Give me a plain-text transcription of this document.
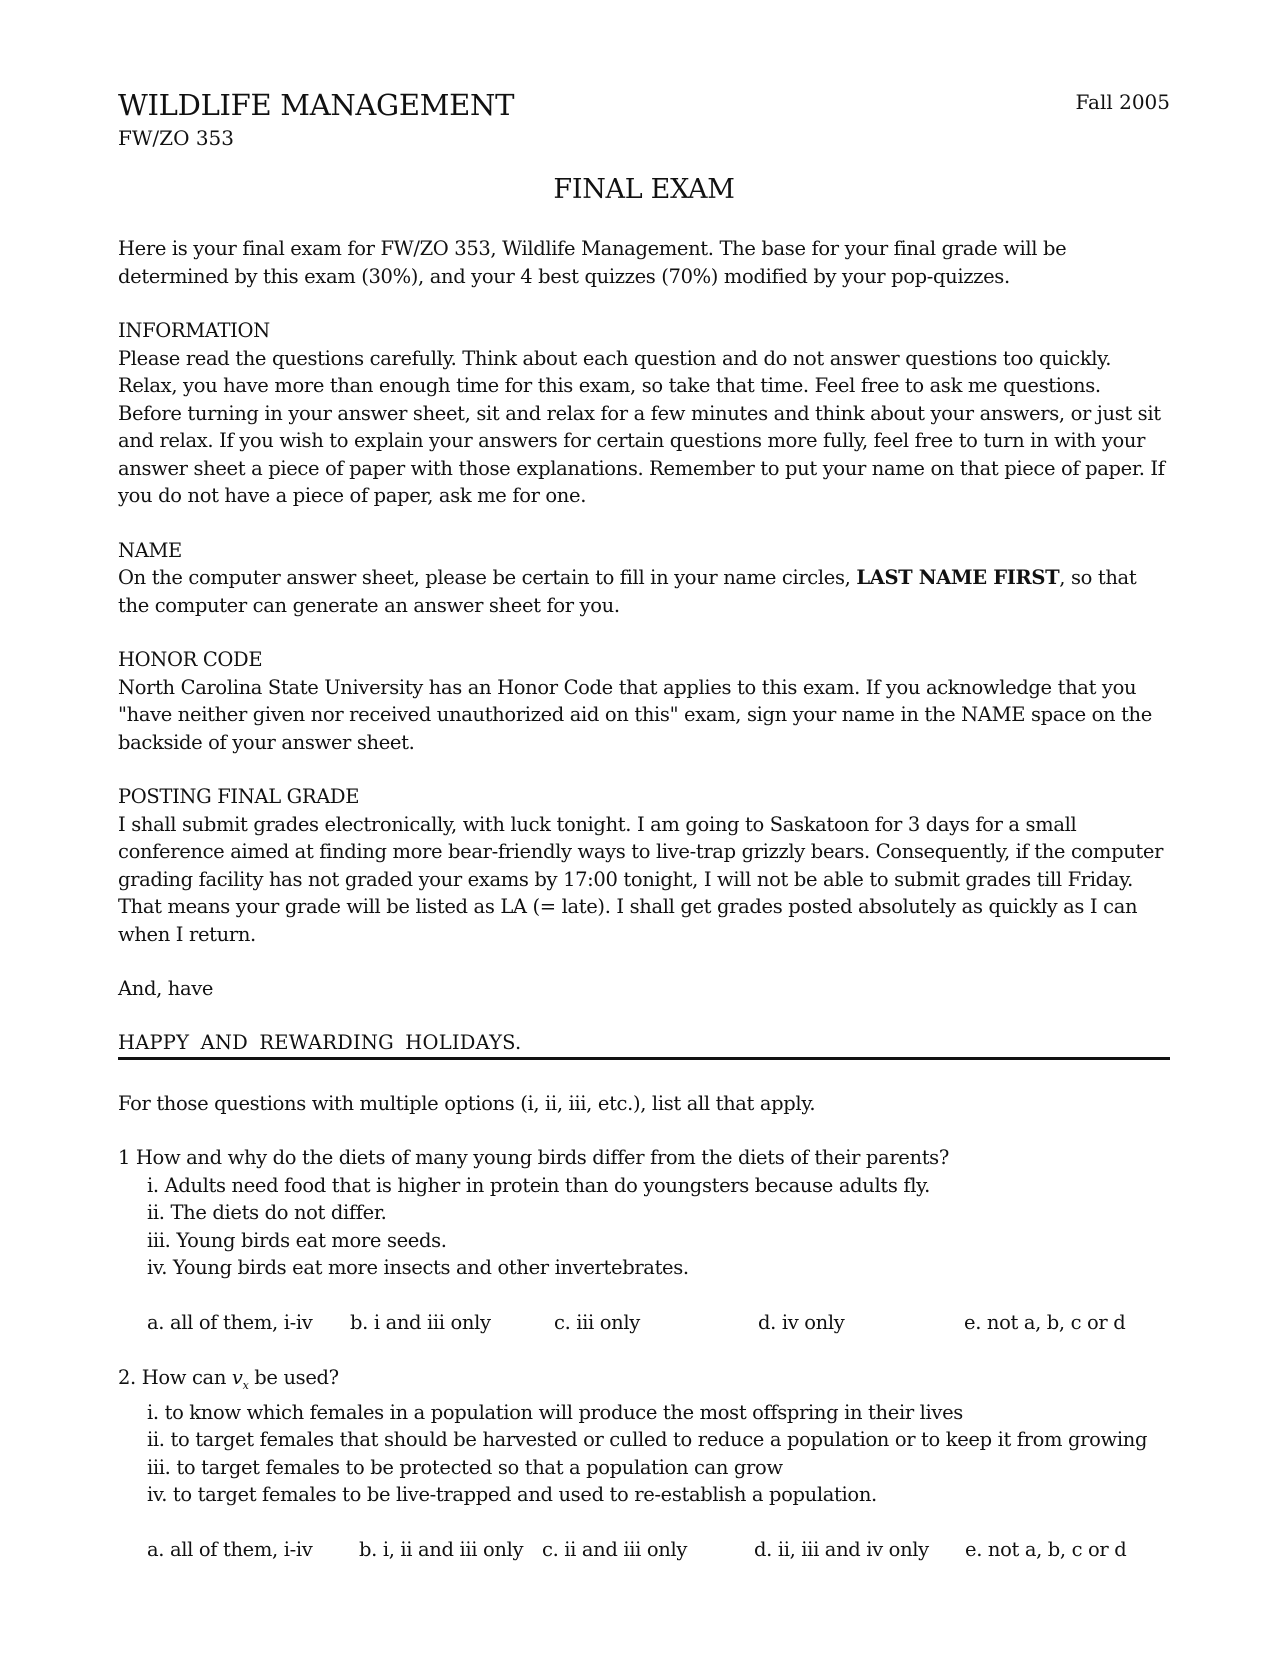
WILDLIFE MANAGEMENT
FW/ZO 353
Fall 2005
FINAL EXAM

Here is your final exam for FW/ZO 353, Wildlife Management. The base for your final grade will be determined by this exam (30%), and your 4 best quizzes (70%) modified by your pop-quizzes.

INFORMATION

Please read the questions carefully. Think about each question and do not answer questions too quickly. Relax, you have more than enough time for this exam, so take that time. Feel free to ask me questions. Before turning in your answer sheet, sit and relax for a few minutes and think about your answers, or just sit and relax. If you wish to explain your answers for certain questions more fully, feel free to turn in with your answer sheet a piece of paper with those explanations. Remember to put your name on that piece of paper. If you do not have a piece of paper, ask me for one.

NAME

On the computer answer sheet, please be certain to fill in your name circles, LAST NAME FIRST, so that the computer can generate an answer sheet for you.

HONOR CODE

North Carolina State University has an Honor Code that applies to this exam. If you acknowledge that you "have neither given nor received unauthorized aid on this" exam, sign your name in the NAME space on the backside of your answer sheet.

POSTING FINAL GRADE

I shall submit grades electronically, with luck tonight. I am going to Saskatoon for 3 days for a small conference aimed at finding more bear-friendly ways to live-trap grizzly bears. Consequently, if the computer grading facility has not graded your exams by 17:00 tonight, I will not be able to submit grades till Friday. That means your grade will be listed as LA (= late). I shall get grades posted absolutely as quickly as I can when I return.

And, have

HAPPY AND REWARDING HOLIDAYS.

For those questions with multiple options (i, ii, iii, etc.), list all that apply.

1 How and why do the diets of many young birds differ from the diets of their parents?
i. Adults need food that is higher in protein than do youngsters because adults fly.
ii. The diets do not differ.
iii. Young birds eat more seeds.
iv. Young birds eat more insects and other invertebrates.
a. all of them, i-iv b. i and iii only	c. iii only	d. iv only	e. not a, b, c or d
2. How can $v_x$ be used?
i. to know which females in a population will produce the most offspring in their lives
ii. to target females that should be harvested or culled to reduce a population or to keep it from growing
iii. to target females to be protected so that a population can grow
iv. to target females to be live-trapped and used to re-establish a population.
a. all of them, i-iv b. i, ii and iii only c. ii and iii only	d. ii, iii and iv only e. not a, b, c or d
